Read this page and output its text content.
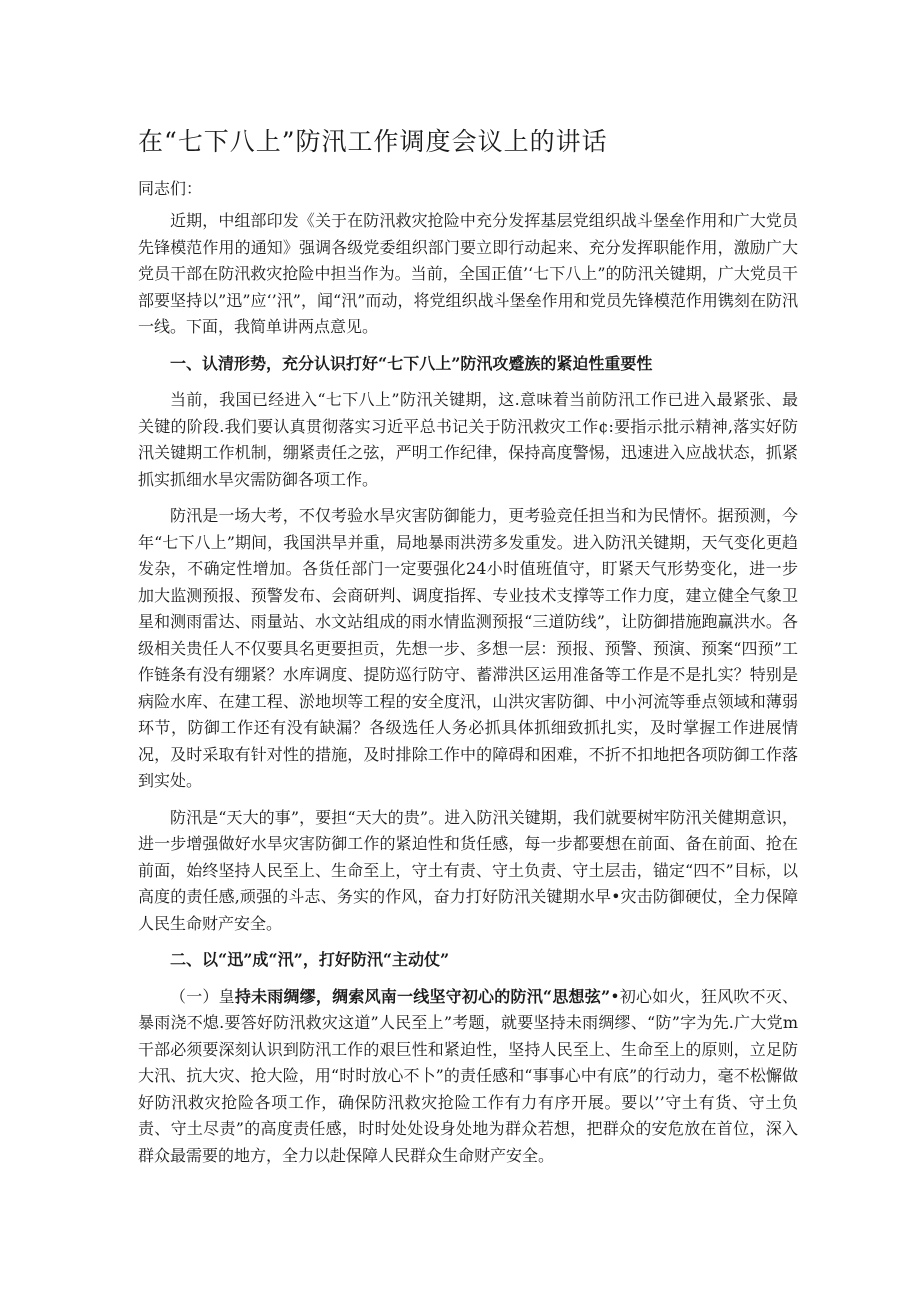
在“七下八上”防汛工作调度会议上的讲话

同志们：

近期，中组部印发《关于在防汛救灾抢险中充分发挥基层党组织战斗堡垒作用和广大党员先锋模范作用的通知》强调各级党委组织部门要立即行动起来、充分发挥职能作用，激励广大党员干部在防汛救灾抢险中担当作为。当前，全国正值’‘七下八上”的防汛关键期，广大党员干部要坚持以”迅”应‘’汛”，闻“汛”而动，将党组织战斗堡垒作用和党员先锋模范作用镌刻在防汛一线。下面，我简单讲两点意见。

一、认清形势，充分认识打好“七下八上”防汛攻蹙族的紧迫性重要性

当前，我国已经进入“七下八上”防汛关键期，这.意味着当前防汛工作已进入最紧张、最关键的阶段.我们要认真贯彻落实习近平总书记关于防汛救灾工作¢:要指示批示精神,落实好防汛关键期工作机制，绷紧责任之弦，严明工作纪律，保持高度警惕，迅速进入应战状态，抓紧抓实抓细水旱灾需防御各项工作。

防汛是一场大考，不仅考验水旱灾害防御能力，更考验竞任担当和为民情怀。据预测，今年“七下八上”期间，我国洪旱并重，局地暴雨洪涝多发重发。进入防汛关键期，天气变化更趋发杂，不确定性增加。各货任部门一定要强化24小时值班值守，盯紧天气形势变化，进一步加大监测预报、预警发布、会商研判、调度指挥、专业技术支撑等工作力度，建立健全气象卫星和测雨雷达、雨量站、水文站组成的雨水情监测预报“三道防线”，让防御措施跑赢洪水。各级相关贵任人不仅要具名更要担贡，先想一步、多想一层：预报、预警、预演、预案“四预”工作链条有没有绷紧？水库调度、提防巡行防守、蓄滞洪区运用准备等工作是不是扎实？特别是病险水库、在建工程、淤地坝等工程的安全度汛，山洪灾害防御、中小河流等垂点领域和薄弱环节，防御工作还有没有缺漏？各级选任人务必抓具体抓细致抓扎实，及时掌握工作进展情况，及时采取有针对性的措施，及时排除工作中的障碍和困难，不折不扣地把各项防御工作落到实处。

防汛是“天大的事”，要担“天大的贵”。进入防汛关键期，我们就要树牢防汛关健期意识，进一步增强做好水旱灾害防御工作的紧迫性和货任感，每一步都要想在前面、备在前面、抢在前面，始终坚持人民至上、生命至上，守土有责、守土负责、守土层击，锚定“四不”目标，以高度的责任感,顽强的斗志、务实的作风，奋力打好防汛关键期水早•灾击防御硬仗，全力保障人民生命财产安全。

二、以“迅”成“汛”，打好防汛“主动仗”

（一）皇持未雨绸缪，绸索风南一线坚守初心的防汛“思想弦”•初心如火，狂风吹不灭、暴雨浇不熄.要答好防汛救灾这道”人民至上”考题，就要坚持未雨绸缪、“防”字为先.广大党m干部必须要深刻认识到防汛工作的艰巨性和紧迫性，坚持人民至上、生命至上的原则，立足防大汛、抗大灾、抢大险，用“时时放心不卜”的责任感和“事事心中有底”的行动力，毫不松懈做好防汛救灾抢险各项工作，确保防汛救灾抢险工作有力有序开展。要以’’守土有货、守土负责、守土尽责”的高度责任感，时时处处设身处地为群众若想，把群众的安危放在首位，深入群众最需要的地方，全力以赴保障人民群众生命财产安全。
